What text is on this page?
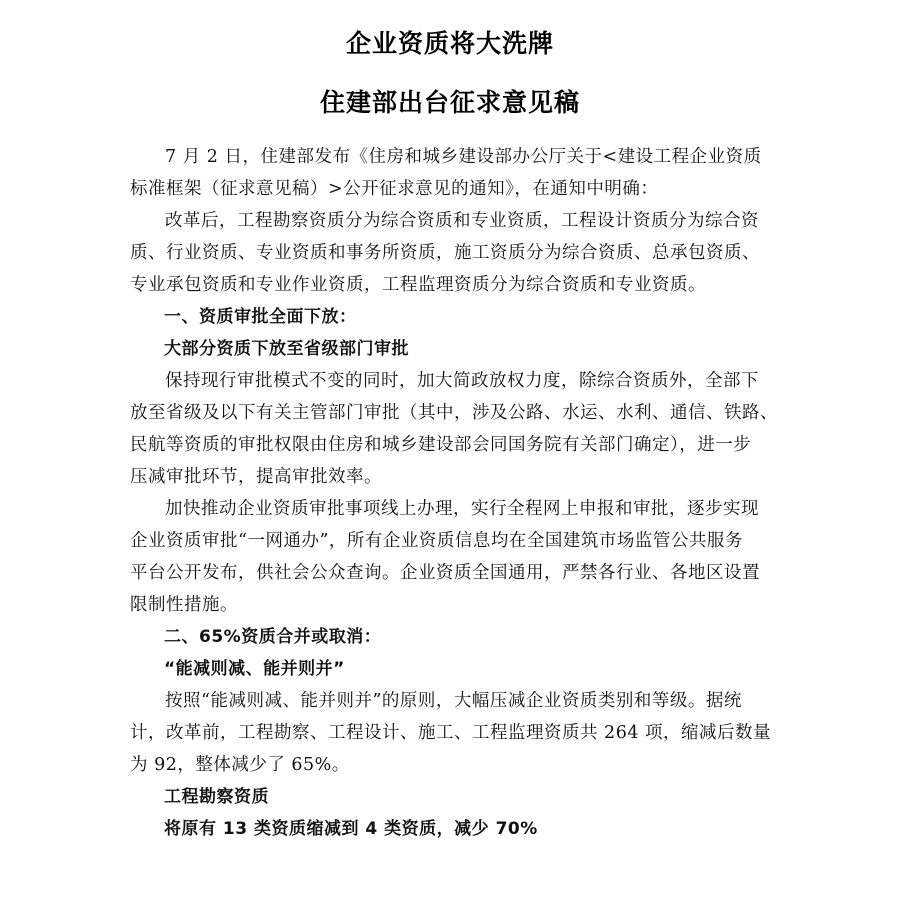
企业资质将大洗牌
住建部出台征求意见稿

7 月 2 日，住建部发布《住房和城乡建设部办公厅关于<建设工程企业资质
标准框架（征求意见稿）>公开征求意见的通知》，在通知中明确：

改革后，工程勘察资质分为综合资质和专业资质，工程设计资质分为综合资
质、行业资质、专业资质和事务所资质，施工资质分为综合资质、总承包资质、
专业承包资质和专业作业资质，工程监理资质分为综合资质和专业资质。

一、资质审批全面下放：

大部分资质下放至省级部门审批

保持现行审批模式不变的同时，加大简政放权力度，除综合资质外，全部下
放至省级及以下有关主管部门审批（其中，涉及公路、水运、水利、通信、铁路、
民航等资质的审批权限由住房和城乡建设部会同国务院有关部门确定），进一步
压减审批环节，提高审批效率。

加快推动企业资质审批事项线上办理，实行全程网上申报和审批，逐步实现
企业资质审批“一网通办”，所有企业资质信息均在全国建筑市场监管公共服务
平台公开发布，供社会公众查询。企业资质全国通用，严禁各行业、各地区设置
限制性措施。

二、65%资质合并或取消：

“能减则减、能并则并”

按照“能减则减、能并则并”的原则，大幅压减企业资质类别和等级。据统
计，改革前，工程勘察、工程设计、施工、工程监理资质共 264 项，缩减后数量
为 92，整体减少了 65%。

工程勘察资质

将原有 13 类资质缩减到 4 类资质，减少 70%
